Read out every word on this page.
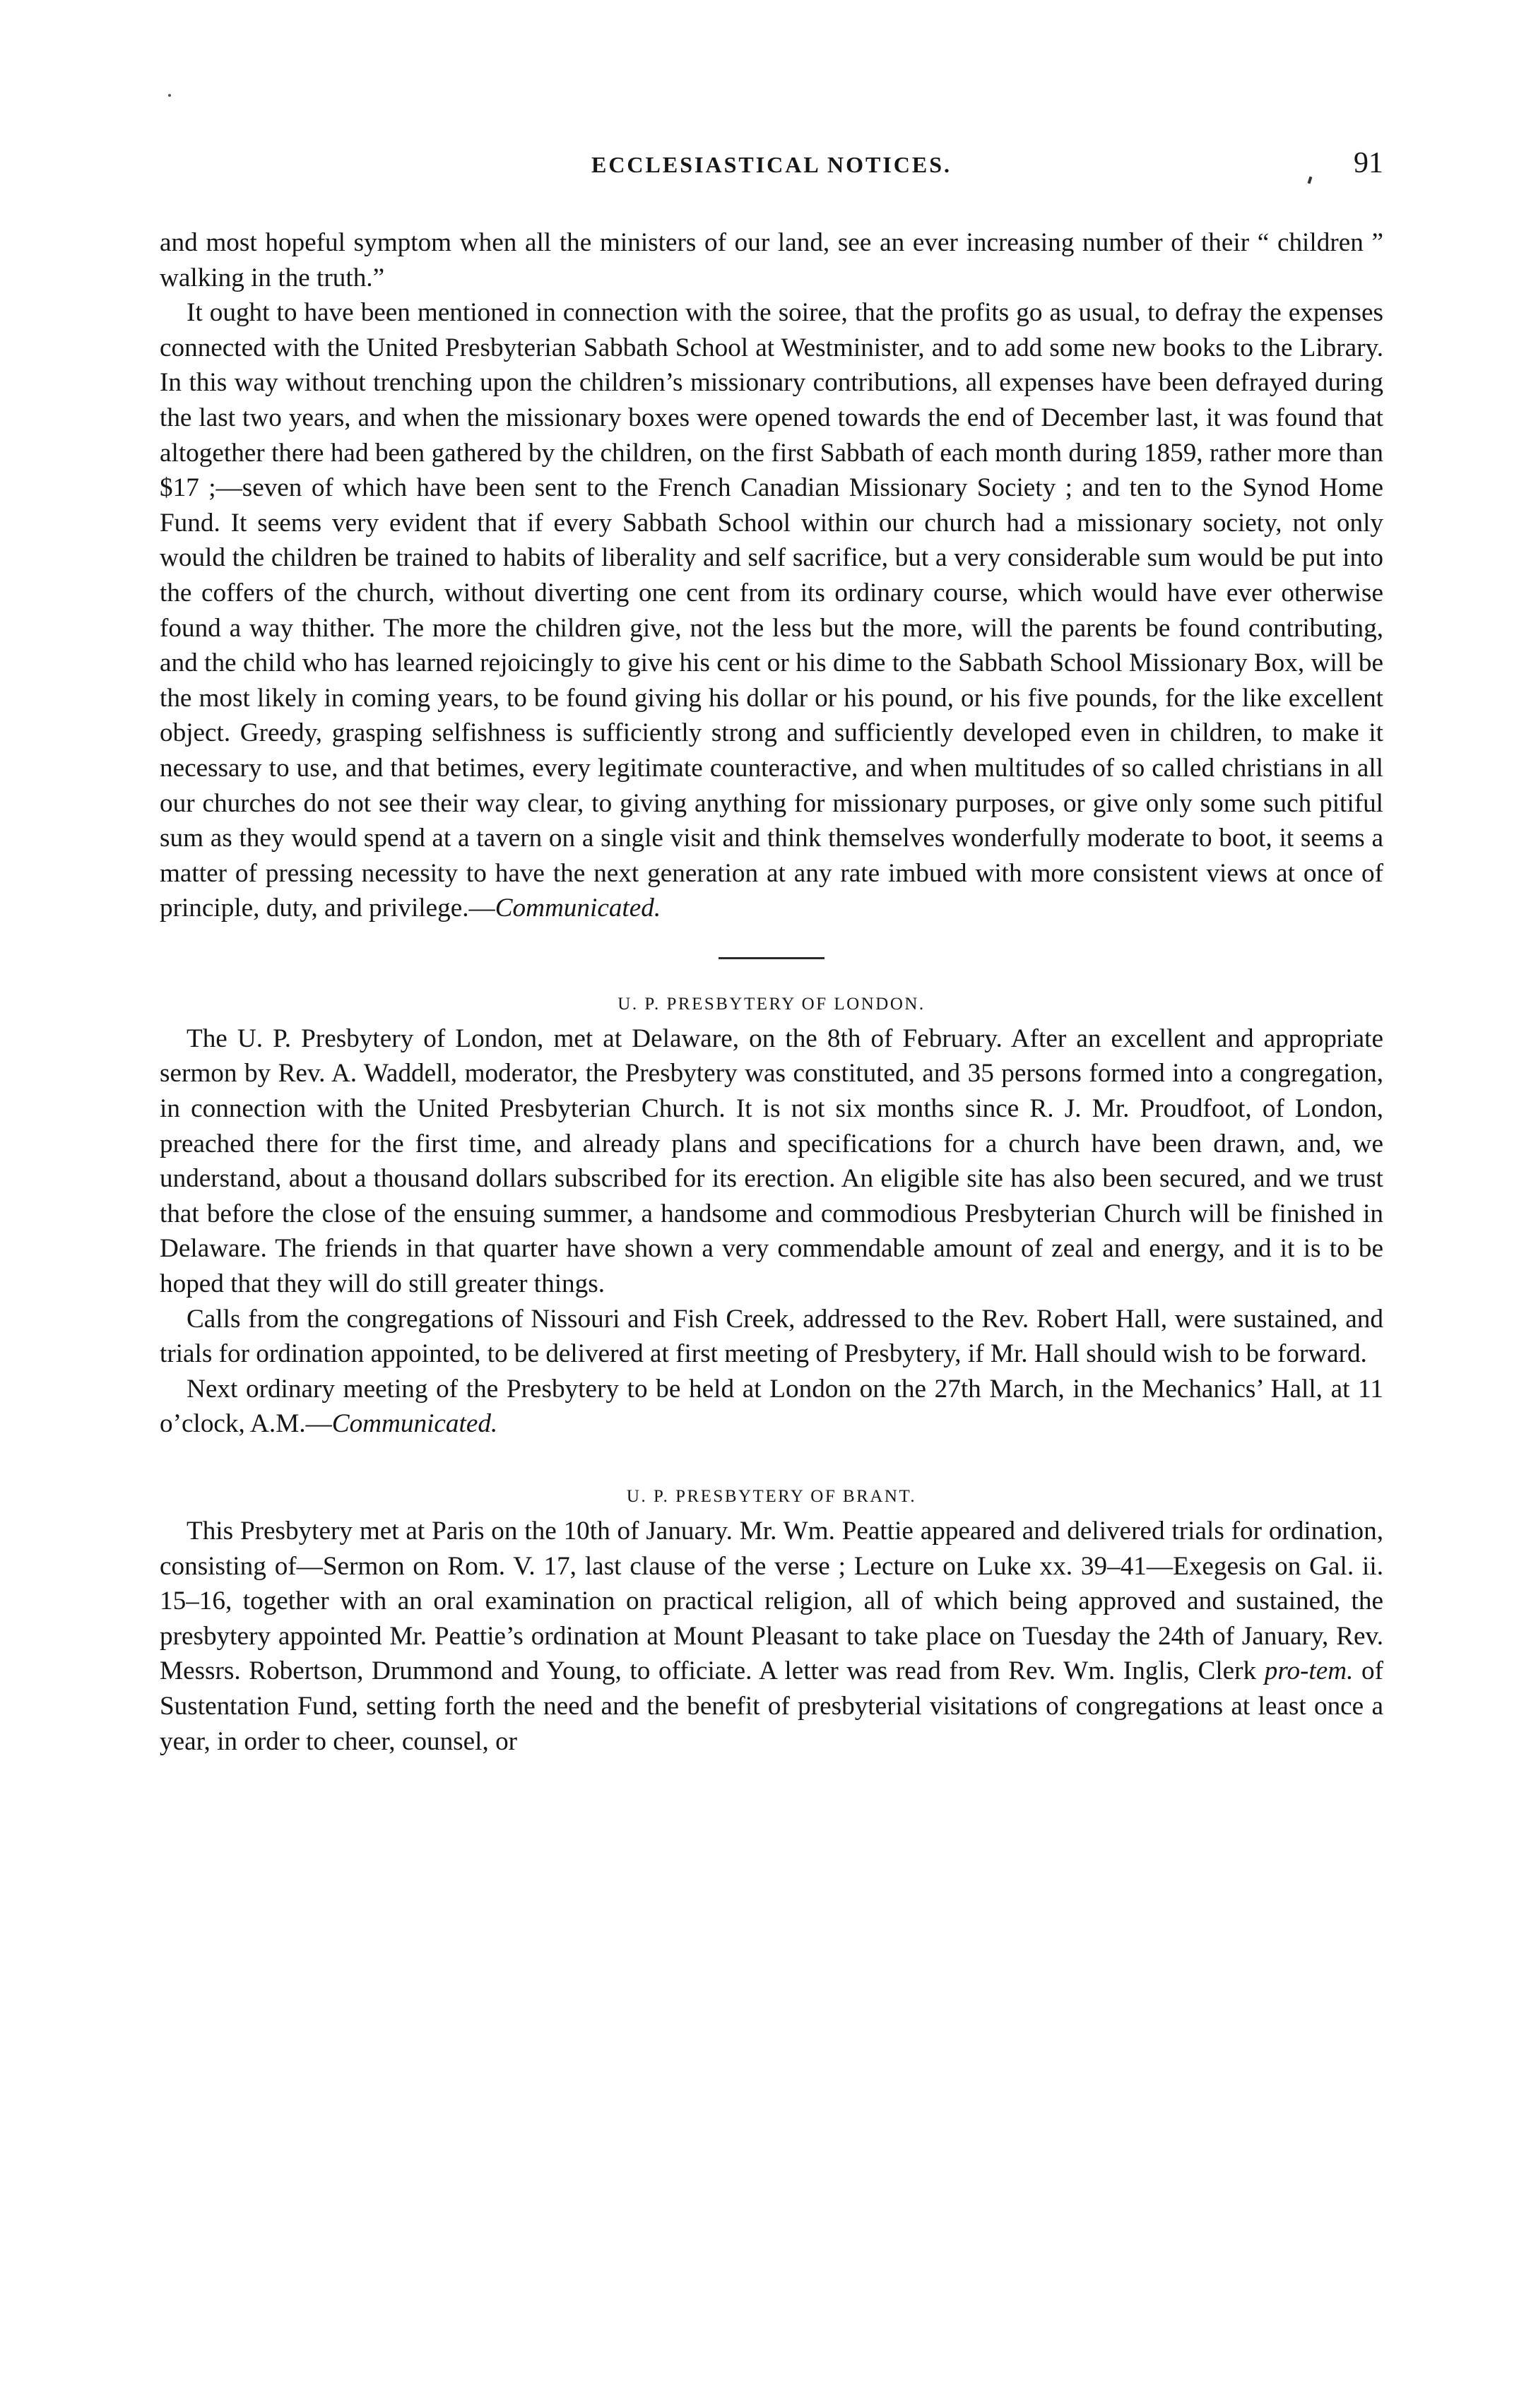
ECCLESIASTICAL NOTICES.	91

and most hopeful symptom when all the ministers of our land, see an ever increasing number of their “ children ” walking in the truth.”

It ought to have been mentioned in connection with the soiree, that the profits go as usual, to defray the expenses connected with the United Presbyterian Sabbath School at Westminister, and to add some new books to the Library. In this way without trenching upon the children’s missionary contributions, all expenses have been defrayed during the last two years, and when the missionary boxes were opened towards the end of December last, it was found that altogether there had been gathered by the children, on the first Sabbath of each month during 1859, rather more than $17 ;—seven of which have been sent to the French Canadian Missionary Society ; and ten to the Synod Home Fund. It seems very evident that if every Sabbath School within our church had a missionary society, not only would the children be trained to habits of liberality and self sacrifice, but a very considerable sum would be put into the coffers of the church, without diverting one cent from its ordinary course, which would have ever otherwise found a way thither. The more the children give, not the less but the more, will the parents be found contributing, and the child who has learned rejoicingly to give his cent or his dime to the Sabbath School Missionary Box, will be the most likely in coming years, to be found giving his dollar or his pound, or his five pounds, for the like excellent object. Greedy, grasping selfishness is sufficiently strong and sufficiently developed even in children, to make it necessary to use, and that betimes, every legitimate counteractive, and when multitudes of so called christians in all our churches do not see their way clear, to giving anything for missionary purposes, or give only some such pitiful sum as they would spend at a tavern on a single visit and think themselves wonderfully moderate to boot, it seems a matter of pressing necessity to have the next generation at any rate imbued with more consistent views at once of principle, duty, and privilege.—Communicated.

U. P. PRESBYTERY OF LONDON.

The U. P. Presbytery of London, met at Delaware, on the 8th of February. After an excellent and appropriate sermon by Rev. A. Waddell, moderator, the Presbytery was constituted, and 35 persons formed into a congregation, in connection with the United Presbyterian Church. It is not six months since R. J. Mr. Proudfoot, of London, preached there for the first time, and already plans and specifications for a church have been drawn, and, we understand, about a thousand dollars subscribed for its erection. An eligible site has also been secured, and we trust that before the close of the ensuing summer, a handsome and commodious Presbyterian Church will be finished in Delaware. The friends in that quarter have shown a very commendable amount of zeal and energy, and it is to be hoped that they will do still greater things.

Calls from the congregations of Nissouri and Fish Creek, addressed to the Rev. Robert Hall, were sustained, and trials for ordination appointed, to be delivered at first meeting of Presbytery, if Mr. Hall should wish to be forward.

Next ordinary meeting of the Presbytery to be held at London on the 27th March, in the Mechanics’ Hall, at 11 o’clock, A.M.—Communicated.

U. P. PRESBYTERY OF BRANT.

This Presbytery met at Paris on the 10th of January. Mr. Wm. Peattie appeared and delivered trials for ordination, consisting of—Sermon on Rom. V. 17, last clause of the verse ; Lecture on Luke xx. 39–41—Exegesis on Gal. ii. 15–16, together with an oral examination on practical religion, all of which being approved and sustained, the presbytery appointed Mr. Peattie’s ordination at Mount Pleasant to take place on Tuesday the 24th of January, Rev. Messrs. Robertson, Drummond and Young, to officiate. A letter was read from Rev. Wm. Inglis, Clerk pro-tem. of Sustentation Fund, setting forth the need and the benefit of presbyterial visitations of congregations at least once a year, in order to cheer, counsel, or
